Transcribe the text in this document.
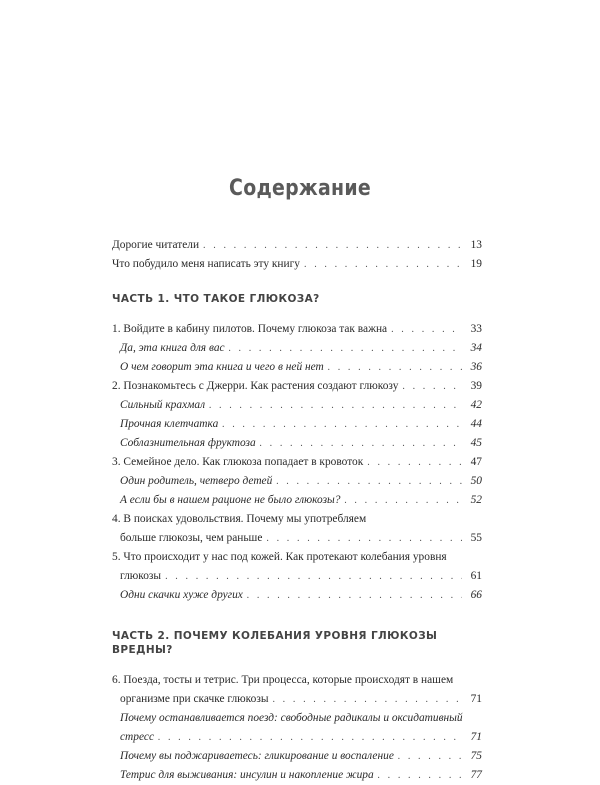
Содержание
Дорогие читатели . . .	13
Что побудило меня написать эту книгу . . .	19
ЧАСТЬ 1. ЧТО ТАКОЕ ГЛЮКОЗА?
1. Войдите в кабину пилотов. Почему глюкоза так важна . . .	33
Да, эта книга для вас . . .	34
О чем говорит эта книга и чего в ней нет . . .	36
2. Познакомьтесь с Джерри. Как растения создают глюкозу . . .	39
Сильный крахмал . . .	42
Прочная клетчатка . . .	44
Соблазнительная фруктоза . . .	45
3. Семейное дело. Как глюкоза попадает в кровоток . . .	47
Один родитель, четверо детей . . .	50
А если бы в нашем рационе не было глюкозы? . . .	52
4. В поисках удовольствия. Почему мы употребляем
больше глюкозы, чем раньше . . .	55
5. Что происходит у нас под кожей. Как протекают колебания уровня
глюкозы . . .	61
Одни скачки хуже других . . .	66
ЧАСТЬ 2. ПОЧЕМУ КОЛЕБАНИЯ УРОВНЯ ГЛЮКОЗЫ ВРЕДНЫ?
6. Поезда, тосты и тетрис. Три процесса, которые происходят в нашем
организме при скачке глюкозы . . .	71
Почему останавливается поезд: свободные радикалы и оксидативный
стресс . . .	71
Почему вы поджариваетесь: гликирование и воспаление . . .	75
Тетрис для выживания: инсулин и накопление жира . . .	77
